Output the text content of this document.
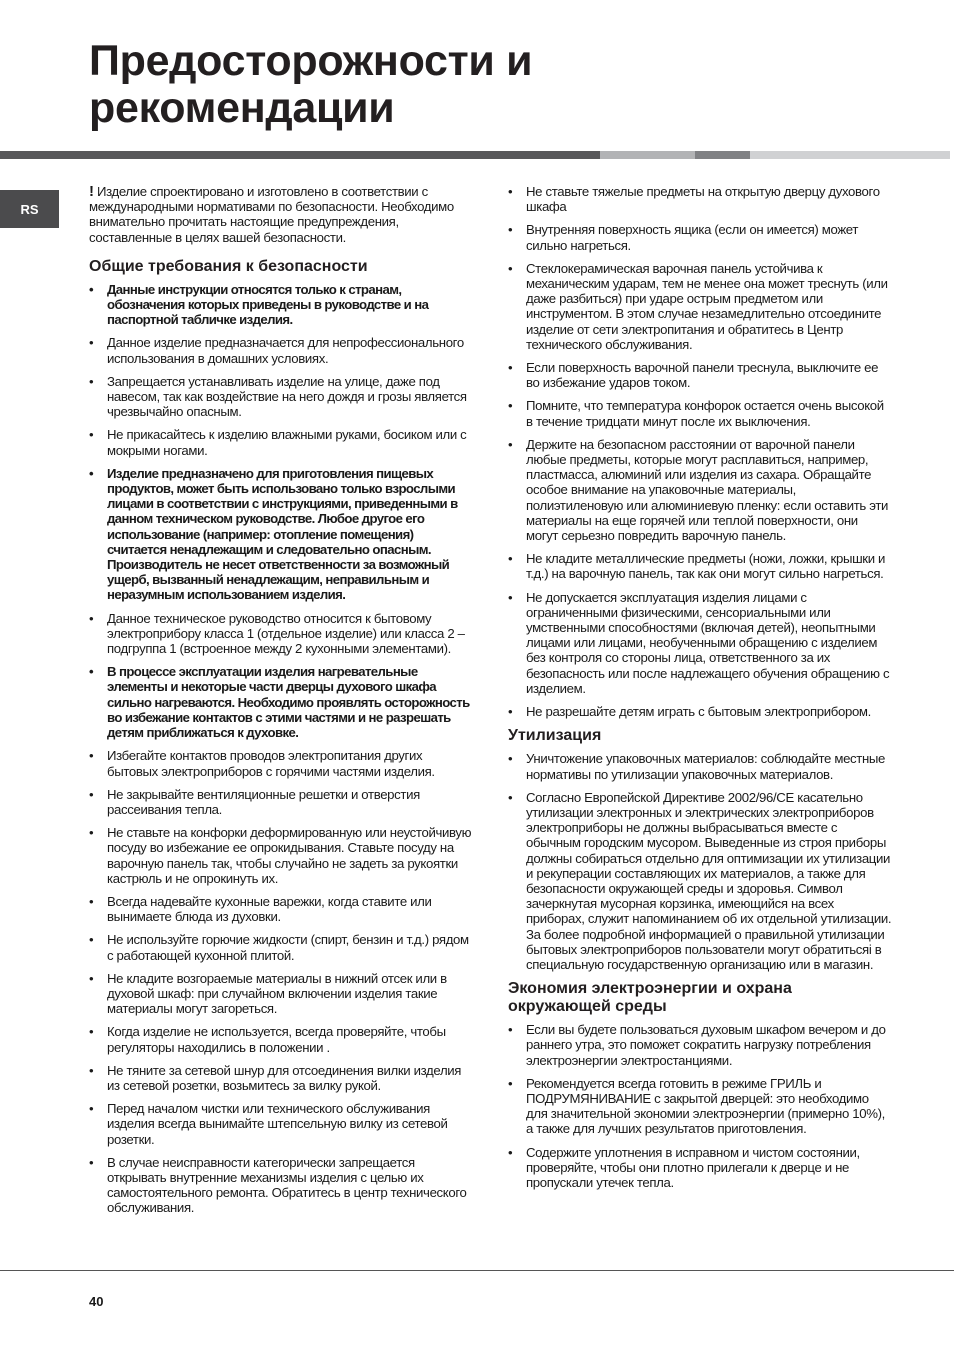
Предосторожности и
рекомендации
RS

! Изделие спроектировано и изготовлено в соответствии с международными нормативами по безопасности. Необходимо внимательно прочитать настоящие предупреждения, составленные в целях вашей безопасности.

Общие требования к безопасности
• Данные инструкции относятся только к странам, обозначения которых приведены в руководстве и на паспортной табличке изделия.
• Данное изделие предназначается для непрофессионального использования в домашних условиях.
• Запрещается устанавливать изделие на улице, даже под навесом, так как воздействие на него дождя и грозы является чрезвычайно опасным.
• Не прикасайтесь к изделию влажными руками, босиком или с мокрыми ногами.
• Изделие предназначено для приготовления пищевых продуктов, может быть использовано только взрослыми лицами в соответствии с инструкциями, приведенными в данном техническом руководстве. Любое другое его использование (например: отопление помещения) считается ненадлежащим и следовательно опасным. Производитель не несет ответственности за возможный ущерб, вызванный ненадлежащим, неправильным и неразумным использованием изделия.
• Данное техническое руководство относится к бытовому электроприбору класса 1 (отдельное изделие) или класса 2 – подгруппа 1 (встроенное между 2 кухонными элементами).
• В процессе эксплуатации изделия нагревательные элементы и некоторые части дверцы духового шкафа сильно нагреваются. Необходимо проявлять осторожность во избежание контактов с этими частями и не разрешать детям приближаться к духовке.
• Избегайте контактов проводов электропитания других бытовых электроприборов с горячими частями изделия.
• Не закрывайте вентиляционные решетки и отверстия рассеивания тепла.
• Не ставьте на конфорки деформированную или неустойчивую посуду во избежание ее опрокидывания. Ставьте посуду на варочную панель так, чтобы случайно не задеть за рукоятки кастрюль и не опрокинуть их.
• Всегда надевайте кухонные варежки, когда ставите или вынимаете блюда из духовки.
• Не используйте горючие жидкости (спирт, бензин и т.д.) рядом с работающей кухонной плитой.
• Не кладите возгораемые материалы в нижний отсек или в духовой шкаф: при случайном включении изделия такие материалы могут загореться.
• Когда изделие не используется, всегда проверяйте, чтобы регуляторы находились в положении .
• Не тяните за сетевой шнур для отсоединения вилки изделия из сетевой розетки, возьмитесь за вилку рукой.
• Перед началом чистки или технического обслуживания изделия всегда вынимайте штепсельную вилку из сетевой розетки.
• В случае неисправности категорически запрещается открывать внутренние механизмы изделия с целью их самостоятельного ремонта. Обратитесь в центр технического обслуживания.
• Не ставьте тяжелые предметы на открытую дверцу духового шкафа
• Внутренняя поверхность ящика (если он имеется) может сильно нагреться.
• Стеклокерамическая варочная панель устойчива к механическим ударам, тем не менее она может треснуть (или даже разбиться) при ударе острым предметом или инструментом. В этом случае незамедлительно отсоедините изделие от сети электропитания и обратитесь в Центр технического обслуживания.
• Если поверхность варочной панели треснула, выключите ее во избежание ударов током.
• Помните, что температура конфорок остается очень высокой в течение тридцати минут после их выключения.
• Держите на безопасном расстоянии от варочной панели любые предметы, которые могут расплавиться, например, пластмасса, алюминий или изделия из сахара. Обращайте особое внимание на упаковочные материалы, полиэтиленовую или алюминиевую пленку: если оставить эти материалы на еще горячей или теплой поверхности, они могут серьезно повредить варочную панель.
• Не кладите металлические предметы (ножи, ложки, крышки и т.д.) на варочную панель, так как они могут сильно нагреться.
• Не допускается эксплуатация изделия лицами с ограниченными физическими, сенсориальными или умственными способностями (включая детей), неопытными лицами или лицами, необученными обращению с изделием без контроля со стороны лица, ответственного за их безопасность или после надлежащего обучения обращению с изделием.
• Не разрешайте детям играть с бытовым электроприбором.
Утилизация
• Уничтожение упаковочных материалов: соблюдайте местные нормативы по утилизации упаковочных материалов.
• Согласно Европейской Директиве 2002/96/CE касательно утилизации электронных и электрических электроприборов электроприборы не должны выбрасываться вместе с обычным городским мусором. Выведенные из строя приборы должны собираться отдельно для оптимизации их утилизации и рекуперации составляющих их материалов, а также для безопасности окружающей среды и здоровья. Символ зачеркнутая мусорная корзинка, имеющийся на всех приборах, служит напоминанием об их отдельной утилизации.
За более подробной информацией о правильной утилизации бытовых электроприборов пользователи могут обратитьсяі в специальную государственную организацию или в магазин.
Экономия электроэнергии и охрана окружающей среды
• Если вы будете пользоваться духовым шкафом вечером и до раннего утра, это поможет сократить нагрузку потребления электроэнергии электростанциями.
• Рекомендуется всегда готовить в режиме ГРИЛЬ и ПОДРУМЯНИВАНИЕ с закрытой дверцей: это необходимо для значительной экономии электроэнергии (примерно 10%), а также для лучших результатов приготовления.
• Содержите уплотнения в исправном и чистом состоянии, проверяйте, чтобы они плотно прилегали к дверце и не пропускали утечек тепла.
40
